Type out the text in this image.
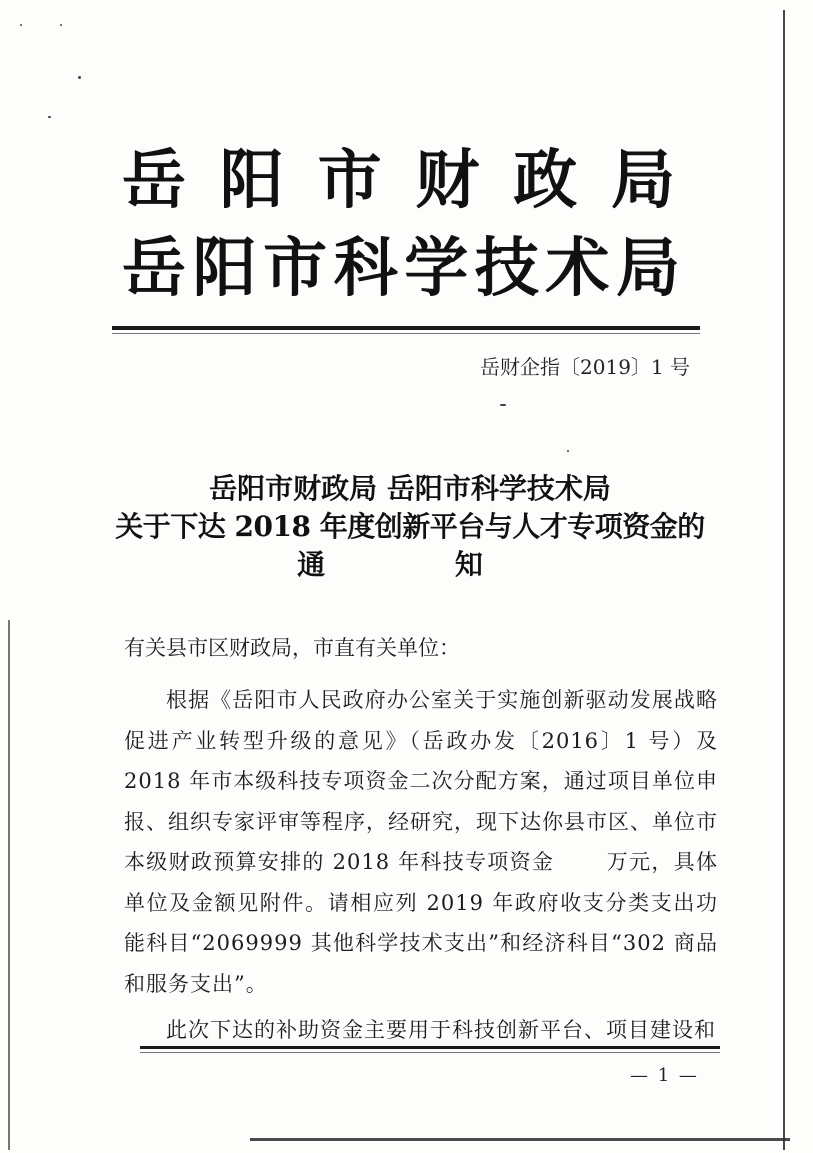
岳阳市财政局
岳阳市科学技术局
岳财企指〔2019〕1 号
岳阳市财政局 岳阳市科学技术局
关于下达 2018 年度创新平台与人才专项资金的
通 知
有关县市区财政局，市直有关单位：
根据《岳阳市人民政府办公室关于实施创新驱动发展战略促进产业转型升级的意见》（岳政办发〔2016〕1 号）及 2018 年市本级科技专项资金二次分配方案，通过项目单位申报、组织专家评审等程序，经研究，现下达你县市区、单位市本级财政预算安排的 2018 年科技专项资金　　 万元，具体单位及金额见附件。请相应列 2019 年政府收支分类支出功能科目“2069999 其他科学技术支出”和经济科目“302 商品和服务支出”。
此次下达的补助资金主要用于科技创新平台、项目建设和
— 1 —
